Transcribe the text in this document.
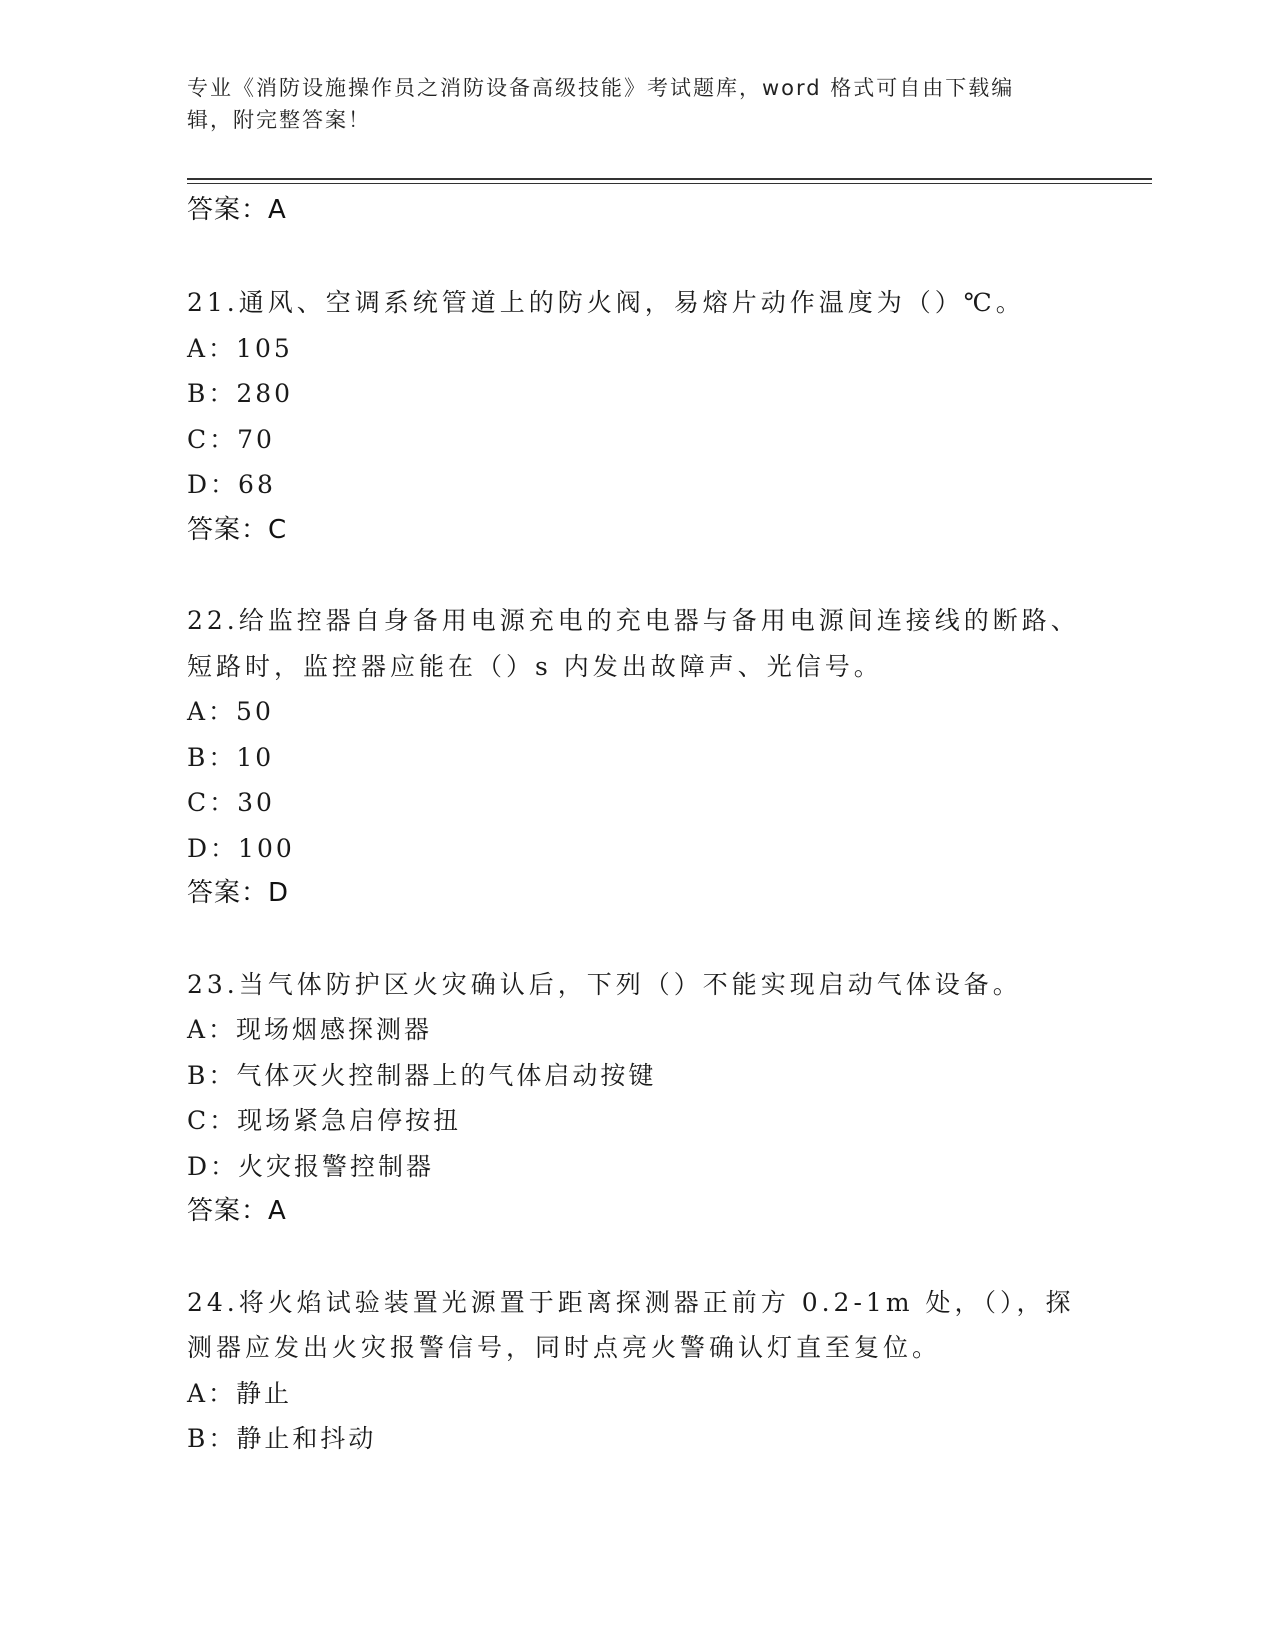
专业《消防设施操作员之消防设备高级技能》考试题库，word 格式可自由下载编
辑，附完整答案！
答案：A
21.通风、空调系统管道上的防火阀，易熔片动作温度为（）℃。
A：105
B：280
C：70
D：68
答案：C
22.给监控器自身备用电源充电的充电器与备用电源间连接线的断路、
短路时，监控器应能在（）s 内发出故障声、光信号。
A：50
B：10
C：30
D：100
答案：D
23.当气体防护区火灾确认后，下列（）不能实现启动气体设备。
A：现场烟感探测器
B：气体灭火控制器上的气体启动按键
C：现场紧急启停按扭
D：火灾报警控制器
答案：A
24.将火焰试验装置光源置于距离探测器正前方 0.2-1m 处，（），探
测器应发出火灾报警信号，同时点亮火警确认灯直至复位。
A：静止
B：静止和抖动
